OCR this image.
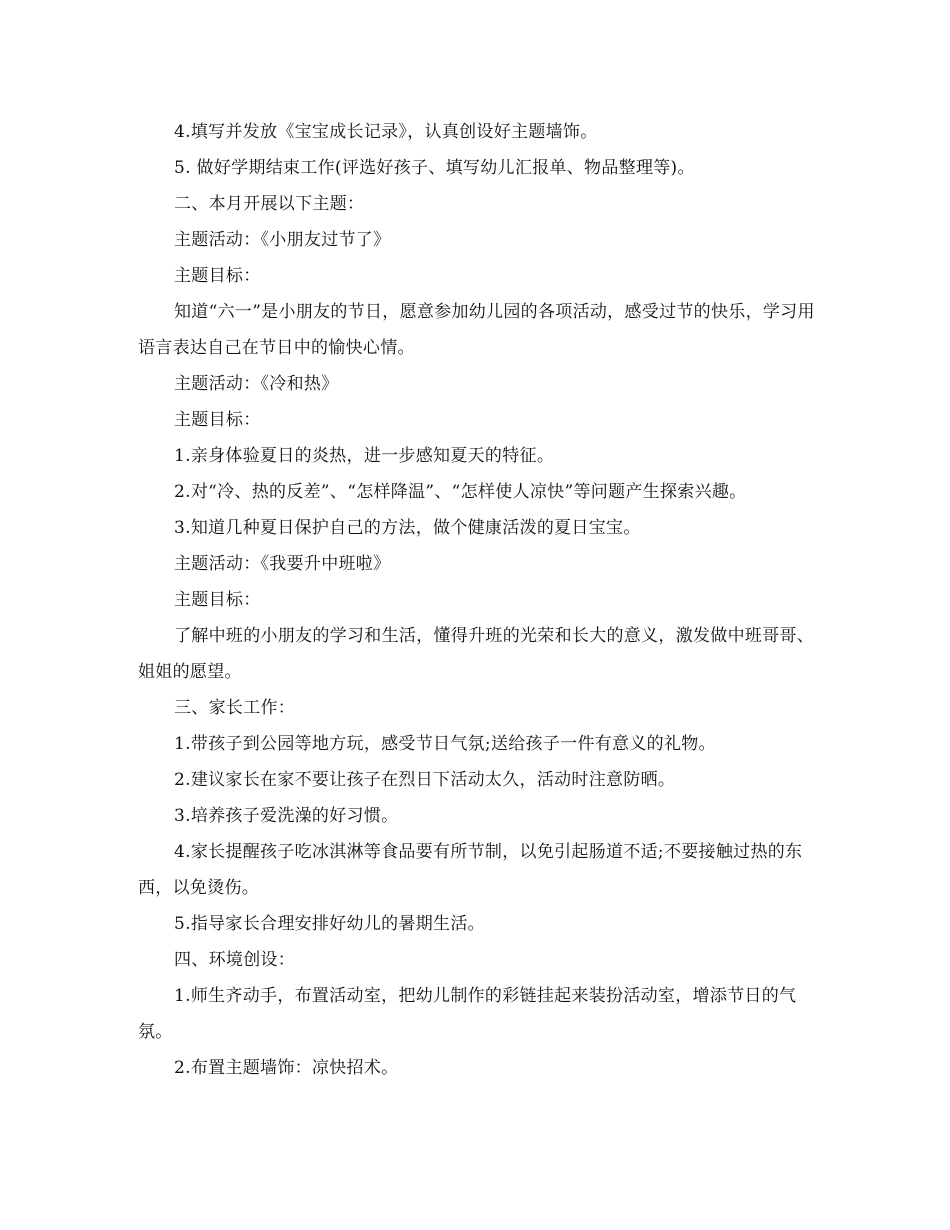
4.填写并发放《宝宝成长记录》，认真创设好主题墙饰。

5. 做好学期结束工作(评选好孩子、填写幼儿汇报单、物品整理等)。

二、本月开展以下主题：

主题活动：《小朋友过节了》

主题目标：

知道“六一”是小朋友的节日，愿意参加幼儿园的各项活动，感受过节的快乐，学习用语言表达自己在节日中的愉快心情。

主题活动：《冷和热》

主题目标：

1.亲身体验夏日的炎热，进一步感知夏天的特征。

2.对“冷、热的反差”、“怎样降温”、“怎样使人凉快”等问题产生探索兴趣。

3.知道几种夏日保护自己的方法，做个健康活泼的夏日宝宝。

主题活动：《我要升中班啦》

主题目标：

了解中班的小朋友的学习和生活，懂得升班的光荣和长大的意义，激发做中班哥哥、姐姐的愿望。

三、家长工作：

1.带孩子到公园等地方玩，感受节日气氛;送给孩子一件有意义的礼物。

2.建议家长在家不要让孩子在烈日下活动太久，活动时注意防晒。

3.培养孩子爱洗澡的好习惯。

4.家长提醒孩子吃冰淇淋等食品要有所节制，以免引起肠道不适;不要接触过热的东西，以免烫伤。

5.指导家长合理安排好幼儿的暑期生活。

四、环境创设：

1.师生齐动手，布置活动室，把幼儿制作的彩链挂起来装扮活动室，增添节日的气氛。

2.布置主题墙饰：凉快招术。
